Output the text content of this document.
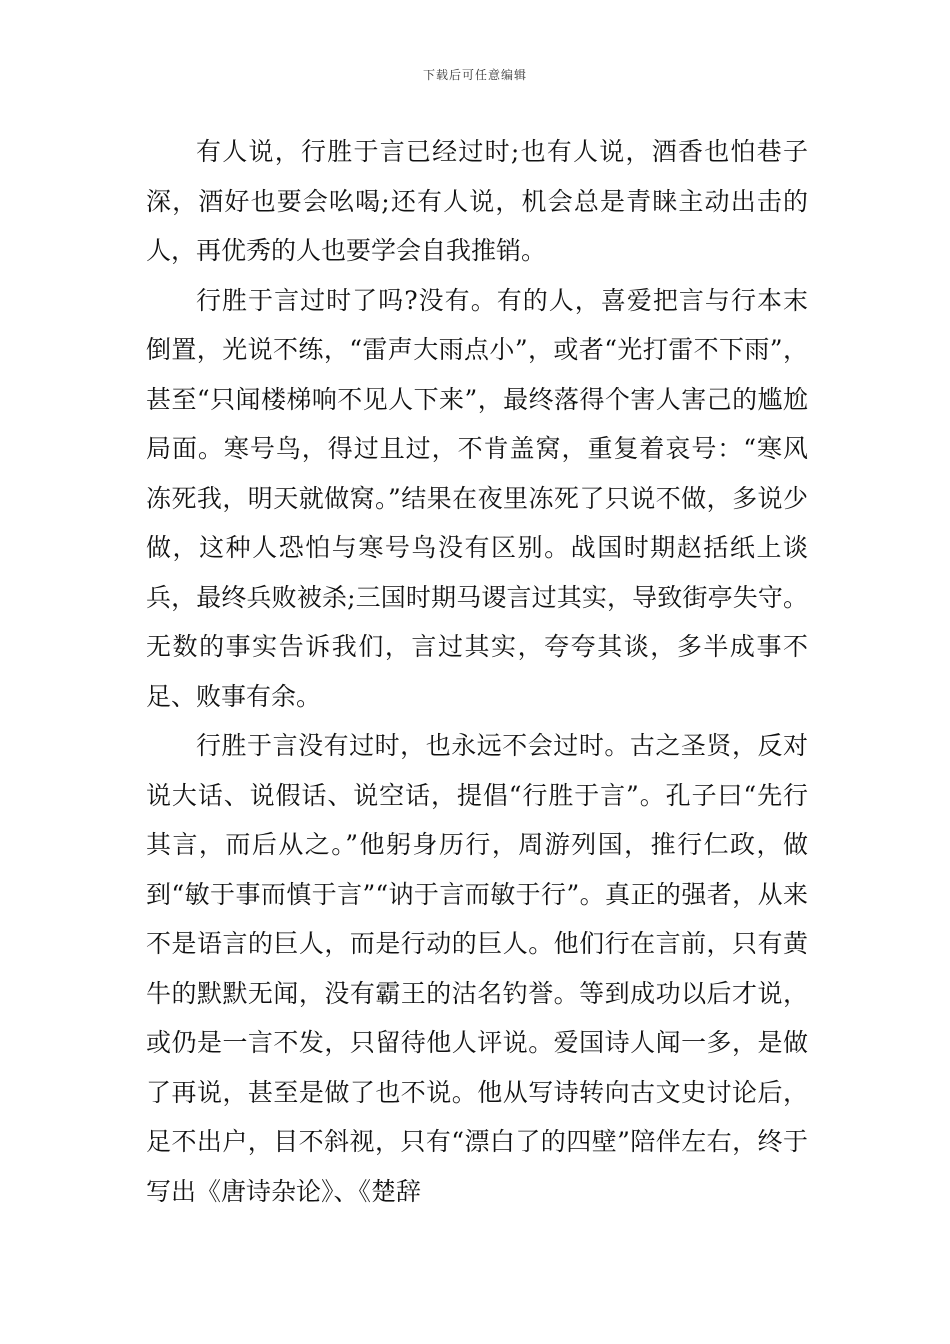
下载后可任意编辑

有人说，行胜于言已经过时;也有人说，酒香也怕巷子深，酒好也要会吆喝;还有人说，机会总是青睐主动出击的人，再优秀的人也要学会自我推销。

行胜于言过时了吗?没有。有的人，喜爱把言与行本末倒置，光说不练，“雷声大雨点小”，或者“光打雷不下雨”，甚至“只闻楼梯响不见人下来”，最终落得个害人害己的尴尬局面。寒号鸟，得过且过，不肯盖窝，重复着哀号：“寒风冻死我，明天就做窝。”结果在夜里冻死了只说不做，多说少做，这种人恐怕与寒号鸟没有区别。战国时期赵括纸上谈兵，最终兵败被杀;三国时期马谡言过其实，导致街亭失守。无数的事实告诉我们，言过其实，夸夸其谈，多半成事不足、败事有余。

行胜于言没有过时，也永远不会过时。古之圣贤，反对说大话、说假话、说空话，提倡“行胜于言”。孔子曰“先行其言，而后从之。”他躬身历行，周游列国，推行仁政，做到“敏于事而慎于言”“讷于言而敏于行”。真正的强者，从来不是语言的巨人，而是行动的巨人。他们行在言前，只有黄牛的默默无闻，没有霸王的沽名钓誉。等到成功以后才说，或仍是一言不发，只留待他人评说。爱国诗人闻一多，是做了再说，甚至是做了也不说。他从写诗转向古文史讨论后，足不出户，目不斜视，只有“漂白了的四壁”陪伴左右，终于写出《唐诗杂论》、《楚辞
